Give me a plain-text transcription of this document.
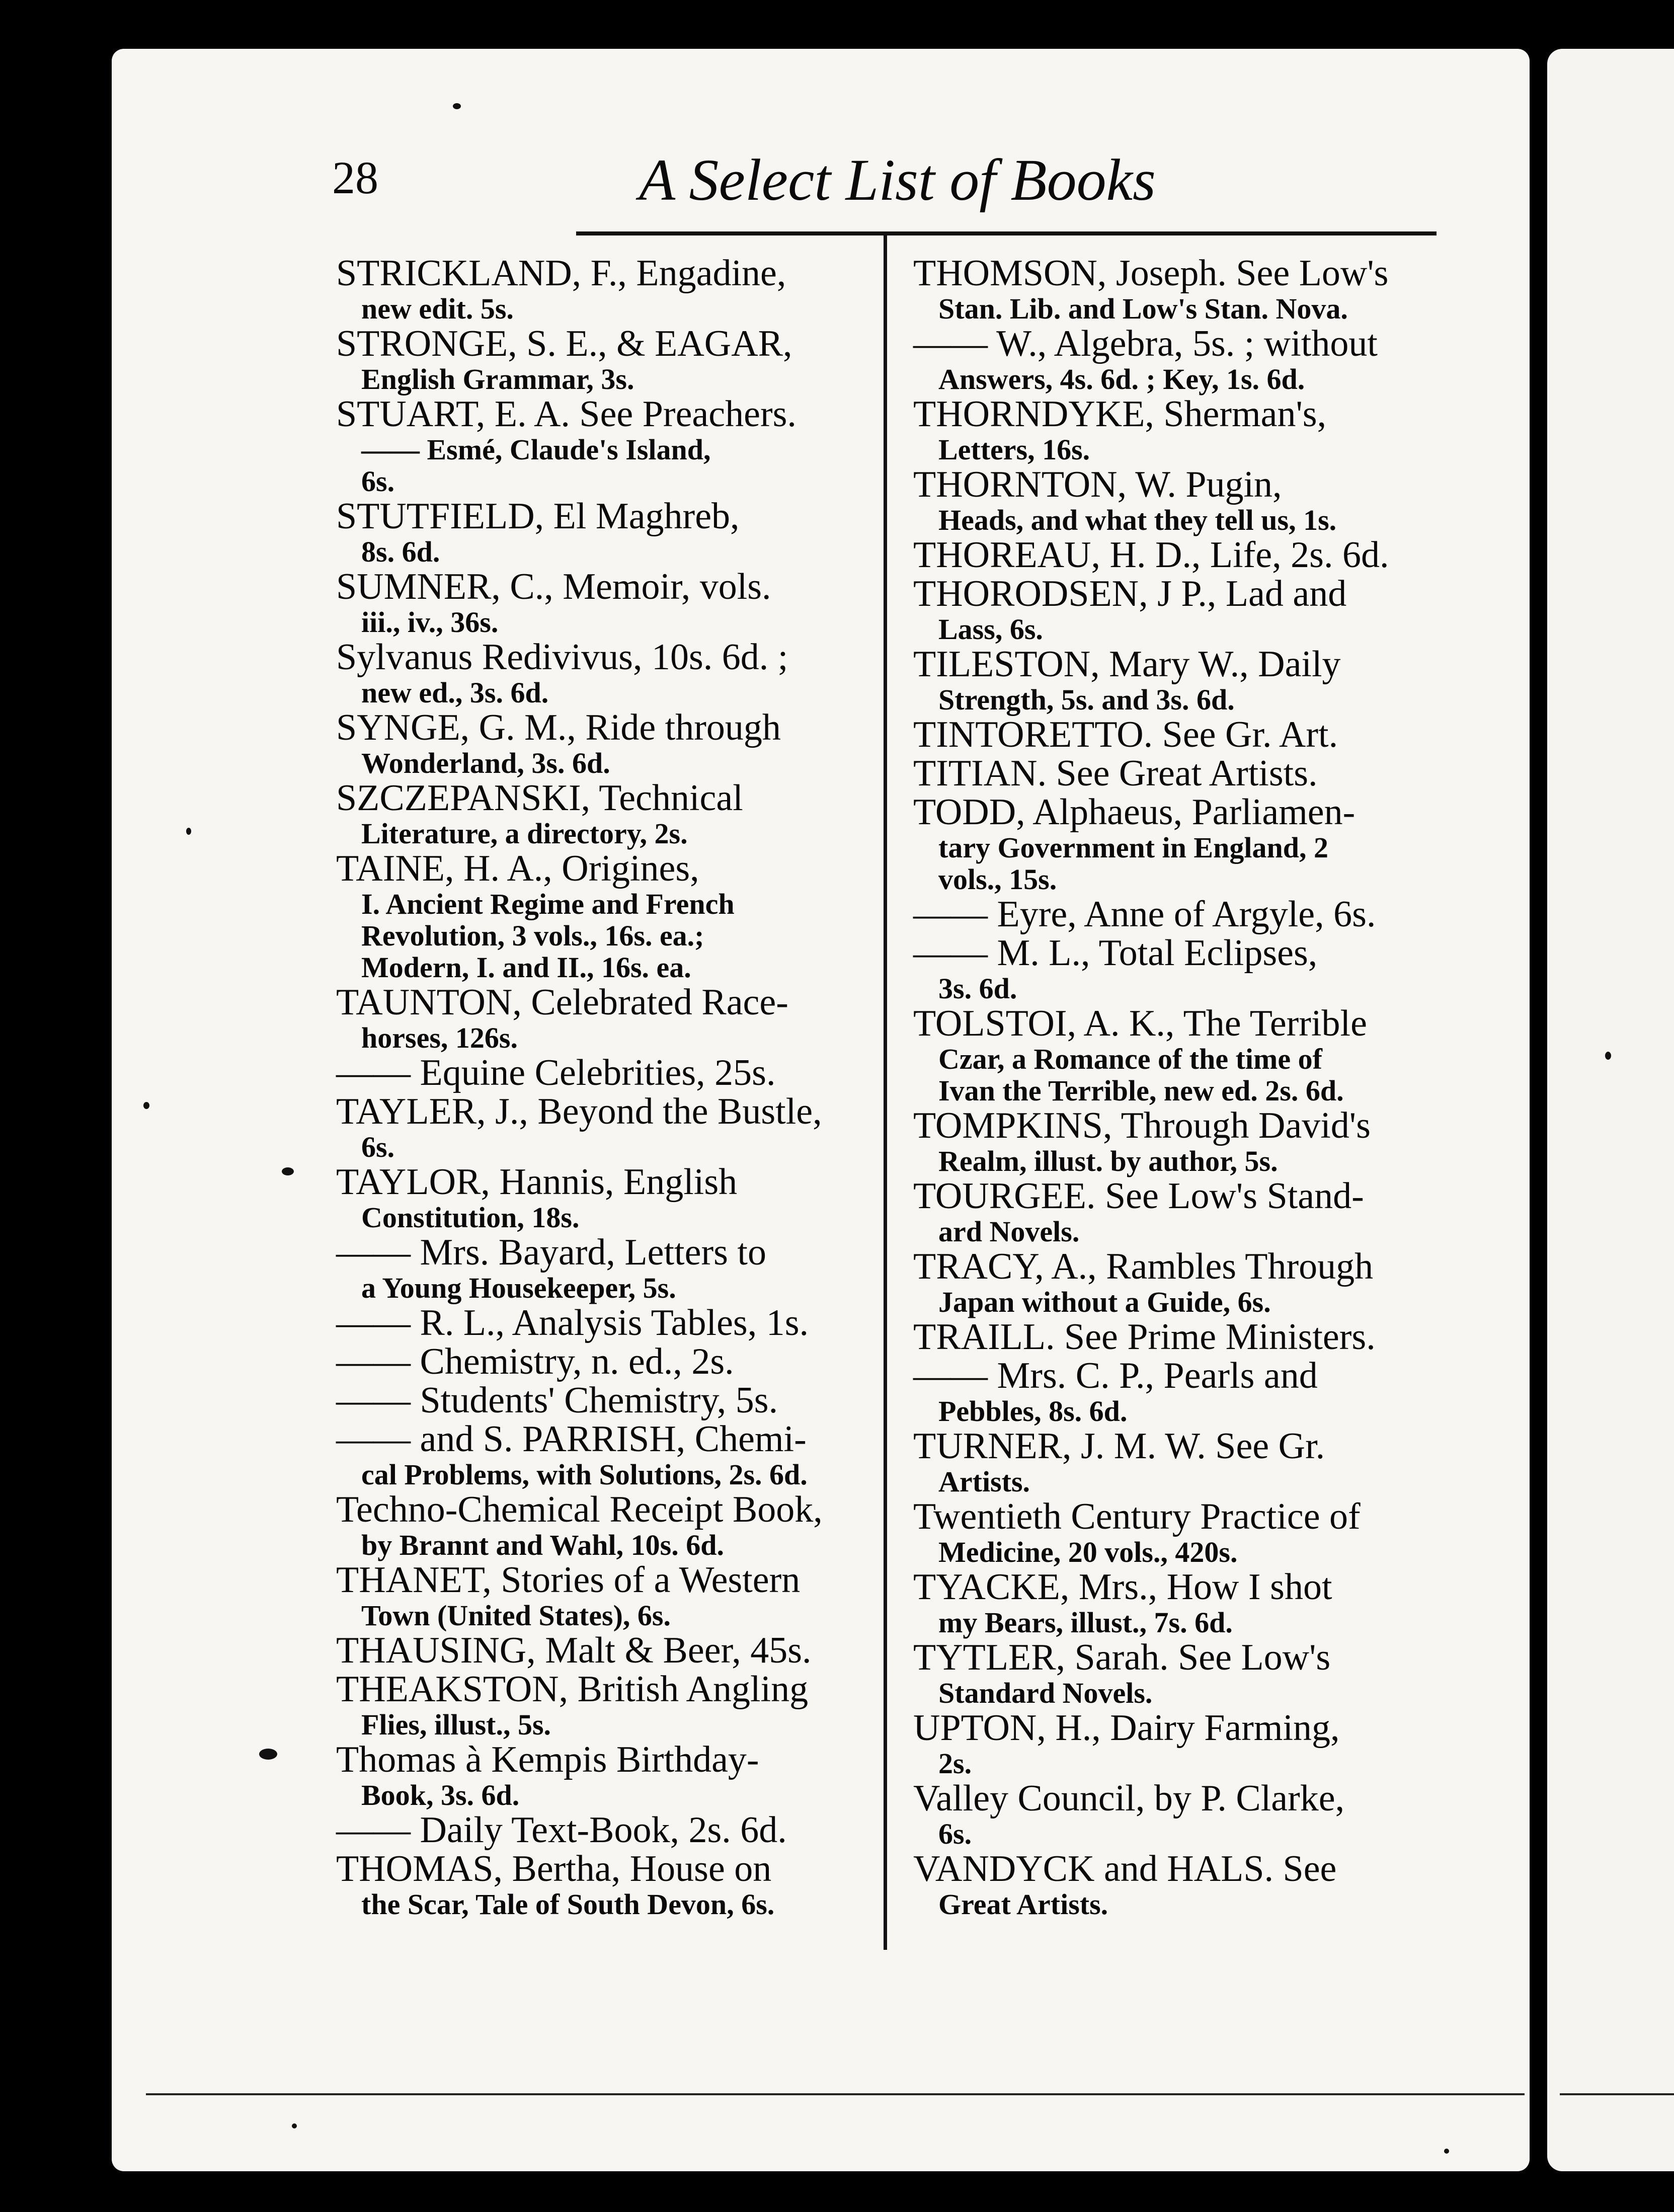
28	A Select List of Books
STRICKLAND, F., Engadine,
new edit. 5s.
STRONGE, S. E., & EAGAR,
English Grammar, 3s.
STUART, E. A. See Preachers.
—— Esmé, Claude's Island,
6s.
STUTFIELD, El Maghreb,
8s. 6d.
SUMNER, C., Memoir, vols.
iii., iv., 36s.
Sylvanus Redivivus, 10s. 6d. ;
new ed., 3s. 6d.
SYNGE, G. M., Ride through
Wonderland, 3s. 6d.
SZCZEPANSKI, Technical
Literature, a directory, 2s.
TAINE, H. A., Origines,
I. Ancient Regime and French
Revolution, 3 vols., 16s. ea.;
Modern, I. and II., 16s. ea.
TAUNTON, Celebrated Race-
horses, 126s.
—— Equine Celebrities, 25s.
TAYLER, J., Beyond the Bustle,
6s.
TAYLOR, Hannis, English
Constitution, 18s.
—— Mrs. Bayard, Letters to
a Young Housekeeper, 5s.
—— R. L., Analysis Tables, 1s.
—— Chemistry, n. ed., 2s.
—— Students' Chemistry, 5s.
—— and S. PARRISH, Chemi-
cal Problems, with Solutions, 2s. 6d.
Techno-Chemical Receipt Book,
by Brannt and Wahl, 10s. 6d.
THANET, Stories of a Western
Town (United States), 6s.
THAUSING, Malt & Beer, 45s.
THEAKSTON, British Angling
Flies, illust., 5s.
Thomas à Kempis Birthday-
Book, 3s. 6d.
—— Daily Text-Book, 2s. 6d.
THOMAS, Bertha, House on
the Scar, Tale of South Devon, 6s.
THOMSON, Joseph. See Low's
Stan. Lib. and Low's Stan. Nova.
—— W., Algebra, 5s. ; without
Answers, 4s. 6d. ; Key, 1s. 6d.
THORNDYKE, Sherman's,
Letters, 16s.
THORNTON, W. Pugin,
Heads, and what they tell us, 1s.
THOREAU, H. D., Life, 2s. 6d.
THORODSEN, J P., Lad and
Lass, 6s.
TILESTON, Mary W., Daily
Strength, 5s. and 3s. 6d.
TINTORETTO. See Gr. Art.
TITIAN. See Great Artists.
TODD, Alphaeus, Parliamen-
tary Government in England, 2
vols., 15s.
—— Eyre, Anne of Argyle, 6s.
—— M. L., Total Eclipses,
3s. 6d.
TOLSTOI, A. K., The Terrible
Czar, a Romance of the time of
Ivan the Terrible, new ed. 2s. 6d.
TOMPKINS, Through David's
Realm, illust. by author, 5s.
TOURGEE. See Low's Stand-
ard Novels.
TRACY, A., Rambles Through
Japan without a Guide, 6s.
TRAILL. See Prime Ministers.
—— Mrs. C. P., Pearls and
Pebbles, 8s. 6d.
TURNER, J. M. W. See Gr.
Artists.
Twentieth Century Practice of
Medicine, 20 vols., 420s.
TYACKE, Mrs., How I shot
my Bears, illust., 7s. 6d.
TYTLER, Sarah. See Low's
Standard Novels.
UPTON, H., Dairy Farming,
2s.
Valley Council, by P. Clarke,
6s.
VANDYCK and HALS. See
Great Artists.
